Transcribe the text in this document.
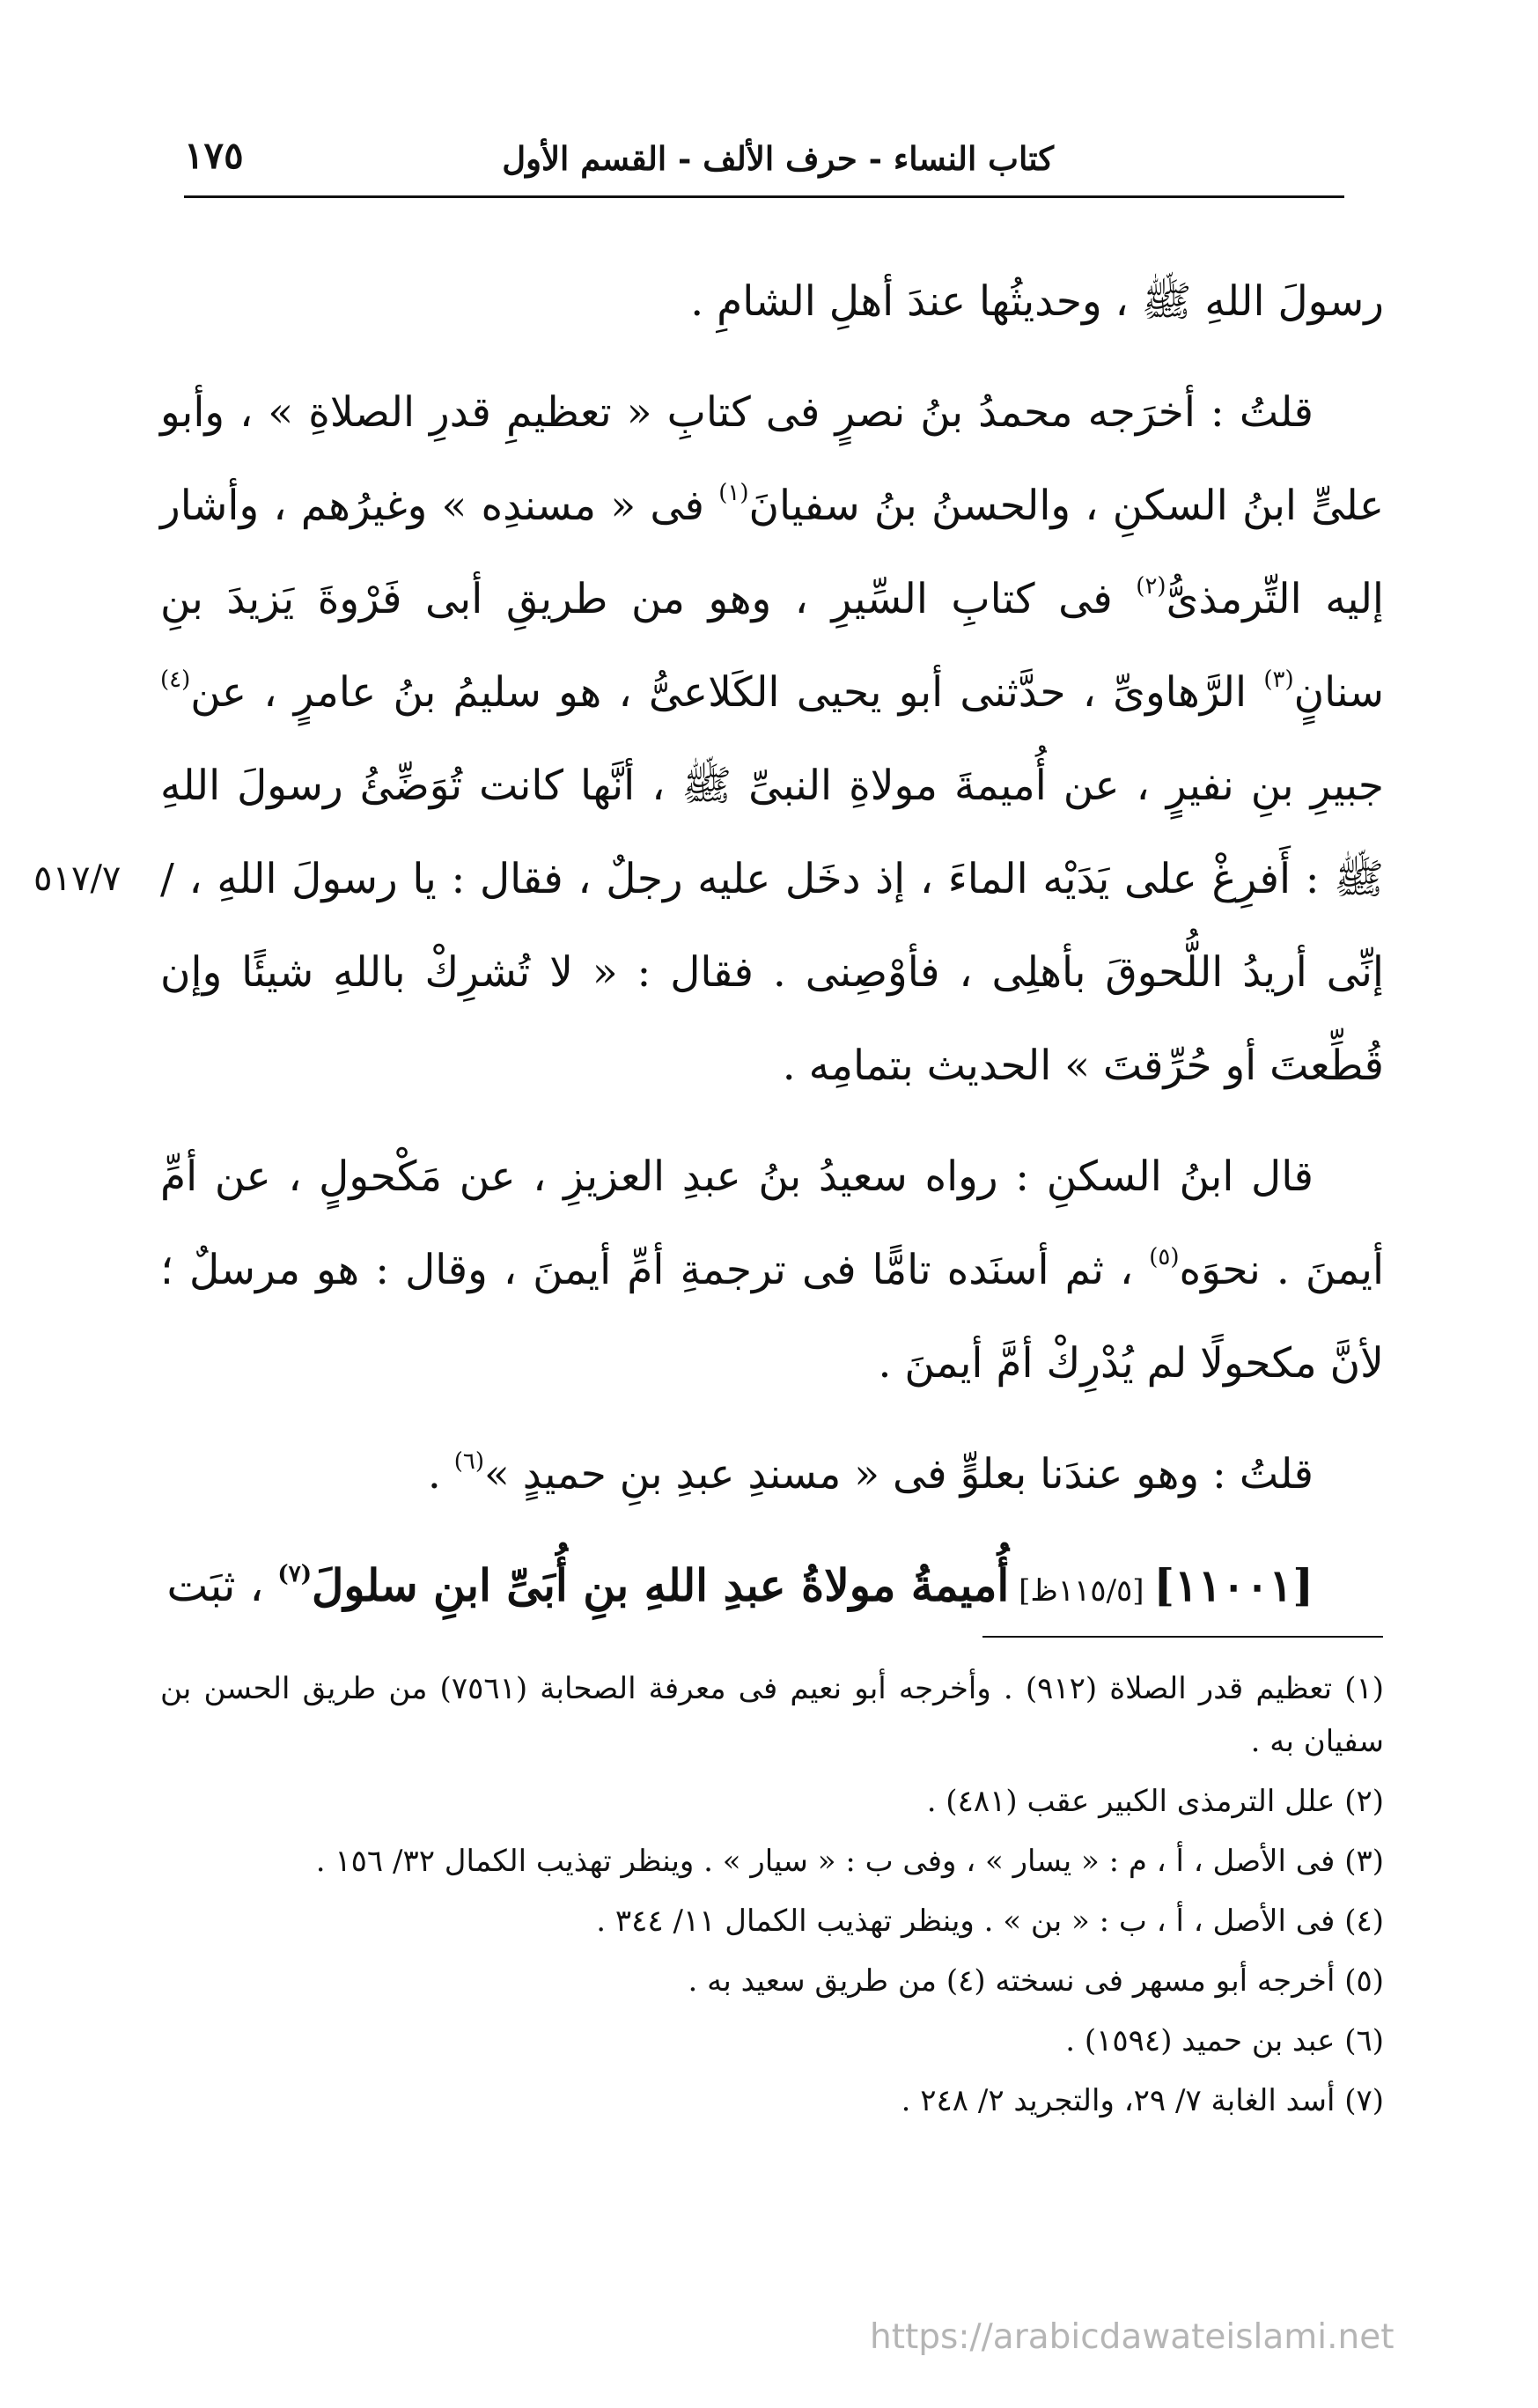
كتاب النساء - حرف الألف - القسم الأول
١٧٥
٥١٧/٧

رسولَ اللهِ ﷺ ، وحديثُها عندَ أهلِ الشامِ .

قلتُ : أخرَجه محمدُ بنُ نصرٍ فى كتابِ « تعظيمِ قدرِ الصلاةِ » ، وأبو علىٍّ ابنُ السكنِ ، والحسنُ بنُ سفيانَ$^{(١)}$ فى « مسندِه » وغيرُهم ، وأشار إليه التِّرمذىُّ$^{(٢)}$ فى كتابِ السِّيرِ ، وهو من طريقِ أبى فَرْوةَ يَزيدَ بنِ سنانٍ$^{(٣)}$ الرَّهاوىِّ ، حدَّثنى أبو يحيى الكَلاعىُّ ، هو سليمُ بنُ عامرٍ ، عن$^{(٤)}$ جبيرِ بنِ نفيرٍ ، عن أُميمةَ مولاةِ النبىِّ ﷺ ، أنَّها كانت تُوَضِّئُ رسولَ اللهِ ﷺ : أَفرِغْ على يَدَيْه الماءَ ، إذ دخَل عليه رجلٌ ، فقال : يا رسولَ اللهِ ، / إنِّى أريدُ اللُّحوقَ بأهلِى ، فأوْصِنى . فقال : « لا تُشرِكْ باللهِ شيئًا وإن قُطِّعتَ أو حُرِّقتَ » الحديث بتمامِه .

قال ابنُ السكنِ : رواه سعيدُ بنُ عبدِ العزيزِ ، عن مَكْحولٍ ، عن أمِّ أيمنَ . نحوَه$^{(٥)}$ ، ثم أسنَده تامًّا فى ترجمةِ أمِّ أيمنَ ، وقال : هو مرسلٌ ؛ لأنَّ مكحولًا لم يُدْرِكْ أمَّ أيمنَ .

قلتُ : وهو عندَنا بعلوٍّ فى « مسندِ عبدِ بنِ حميدٍ »$^{(٦)}$ .

[١١٠٠١] [١١٥/٥ظ] أُميمةُ مولاةُ عبدِ اللهِ بنِ أُبَىِّ ابنِ سلولَ$^{(٧)}$ ، ثبَت

(١) تعظيم قدر الصلاة (٩١٢) . وأخرجه أبو نعيم فى معرفة الصحابة (٧٥٦١) من طريق الحسن بن سفيان به .
(٢) علل الترمذى الكبير عقب (٤٨١) .
(٣) فى الأصل ، أ ، م : « يسار » ، وفى ب : « سيار » . وينظر تهذيب الكمال ٣٢/ ١٥٦ .
(٤) فى الأصل ، أ ، ب : « بن » . وينظر تهذيب الكمال ١١/ ٣٤٤ .
(٥) أخرجه أبو مسهر فى نسخته (٤) من طريق سعيد به .
(٦) عبد بن حميد (١٥٩٤) .
(٧) أسد الغابة ٧/ ٢٩، والتجريد ٢/ ٢٤٨ .
https://arabicdawateislami.net
